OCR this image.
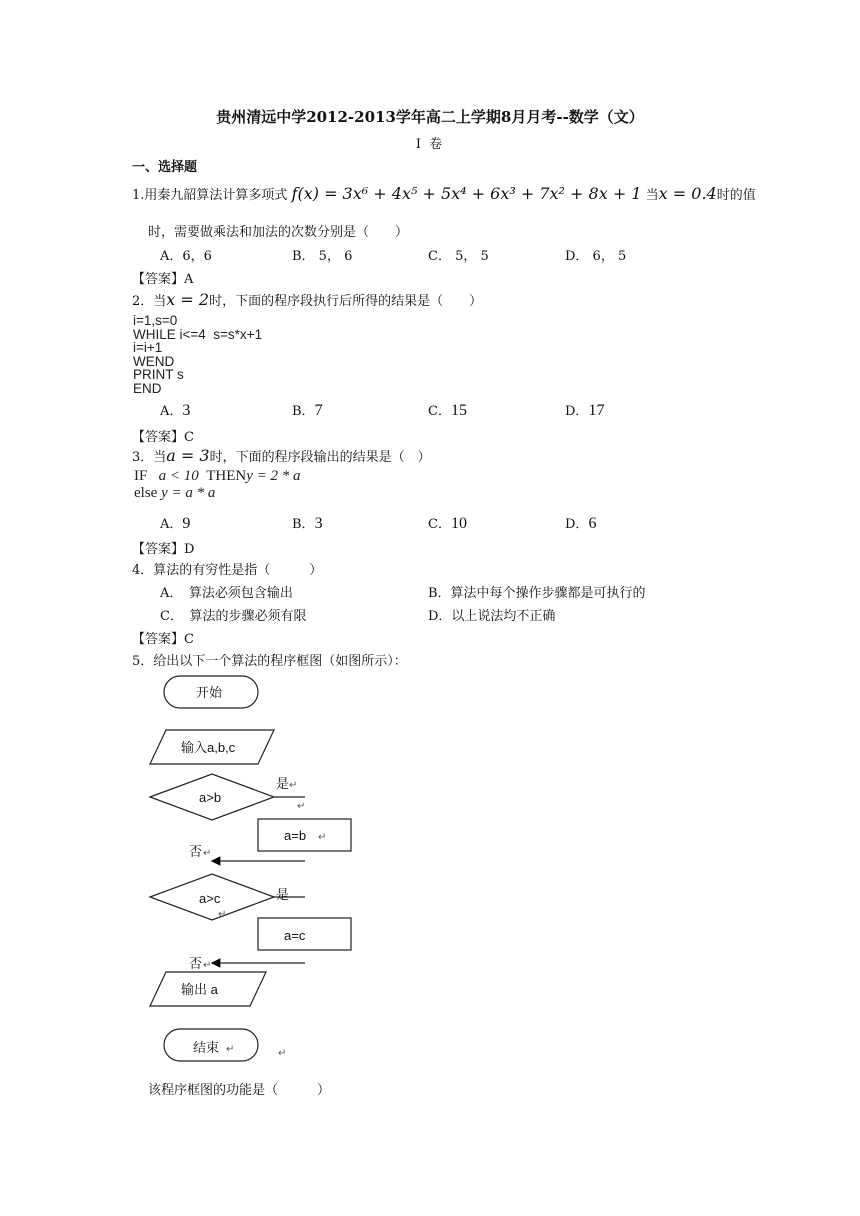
贵州清远中学2012-2013学年高二上学期8月月考--数学（文）
I 卷
一、选择题
1.用秦九韶算法计算多项式 f(x) = 3x⁶ + 4x⁵ + 5x⁴ + 6x³ + 7x² + 8x + 1 当x = 0.4时的值
时，需要做乘法和加法的次数分别是（　　）
A．6，6	B． 5， 6	C． 5， 5	D． 6， 5
【答案】A
2．当x = 2时，下面的程序段执行后所得的结果是（　　）
i=1,s=0
WHILE i<=4 s=s*x+1
i=i+1
WEND
PRINT s
END
A．3	B．7	C．15	D．17
【答案】C
3．当a = 3时，下面的程序段输出的结果是（　）
IF a < 10 THENy = 2 * a
else y = a * a
A．9	B．3	C．10	D．6
【答案】D
4．算法的有穷性是指（　　　）
A．　算法必须包含输出	B．算法中每个操作步骤都是可执行的
C．　算法的步骤必须有限	D．以上说法均不正确
【答案】C
5．给出以下一个算法的程序框图（如图所示）：
开始
输入a,b,c
a>b
是 ↵
↵
a=b ↵
否 ↵
a>c	是
↵
a=c
否 ↵
输出 a
结束 ↵	↵
该程序框图的功能是（　　　）
